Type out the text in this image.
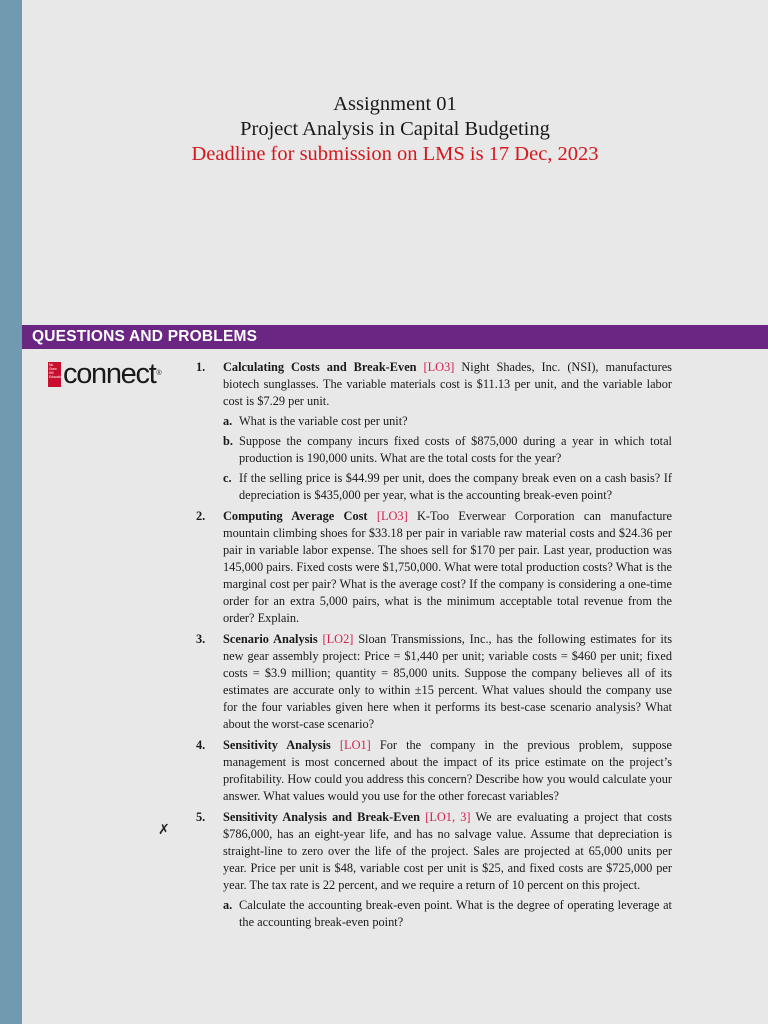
Assignment 01
Project Analysis in Capital Budgeting
Deadline for submission on LMS is 17 Dec, 2023
QUESTIONS AND PROBLEMS
Mc Graw Hill Education connect®
✗
1. Calculating Costs and Break-Even [LO3] Night Shades, Inc. (NSI), manufactures biotech sunglasses. The variable materials cost is $11.13 per unit, and the variable labor cost is $7.29 per unit.
a. What is the variable cost per unit?
b. Suppose the company incurs fixed costs of $875,000 during a year in which total production is 190,000 units. What are the total costs for the year?
c. If the selling price is $44.99 per unit, does the company break even on a cash basis? If depreciation is $435,000 per year, what is the accounting break-even point?
2. Computing Average Cost [LO3] K-Too Everwear Corporation can manufacture mountain climbing shoes for $33.18 per pair in variable raw material costs and $24.36 per pair in variable labor expense. The shoes sell for $170 per pair. Last year, production was 145,000 pairs. Fixed costs were $1,750,000. What were total production costs? What is the marginal cost per pair? What is the average cost? If the company is considering a one-time order for an extra 5,000 pairs, what is the minimum acceptable total revenue from the order? Explain.
3. Scenario Analysis [LO2] Sloan Transmissions, Inc., has the following estimates for its new gear assembly project: Price = $1,440 per unit; variable costs = $460 per unit; fixed costs = $3.9 million; quantity = 85,000 units. Suppose the company believes all of its estimates are accurate only to within ±15 percent. What values should the company use for the four variables given here when it performs its best-case scenario analysis? What about the worst-case scenario?
4. Sensitivity Analysis [LO1] For the company in the previous problem, suppose management is most concerned about the impact of its price estimate on the project’s profitability. How could you address this concern? Describe how you would calculate your answer. What values would you use for the other forecast variables?
5. Sensitivity Analysis and Break-Even [LO1, 3] We are evaluating a project that costs $786,000, has an eight-year life, and has no salvage value. Assume that depreciation is straight-line to zero over the life of the project. Sales are projected at 65,000 units per year. Price per unit is $48, variable cost per unit is $25, and fixed costs are $725,000 per year. The tax rate is 22 percent, and we require a return of 10 percent on this project.
a. Calculate the accounting break-even point. What is the degree of operating leverage at the accounting break-even point?
